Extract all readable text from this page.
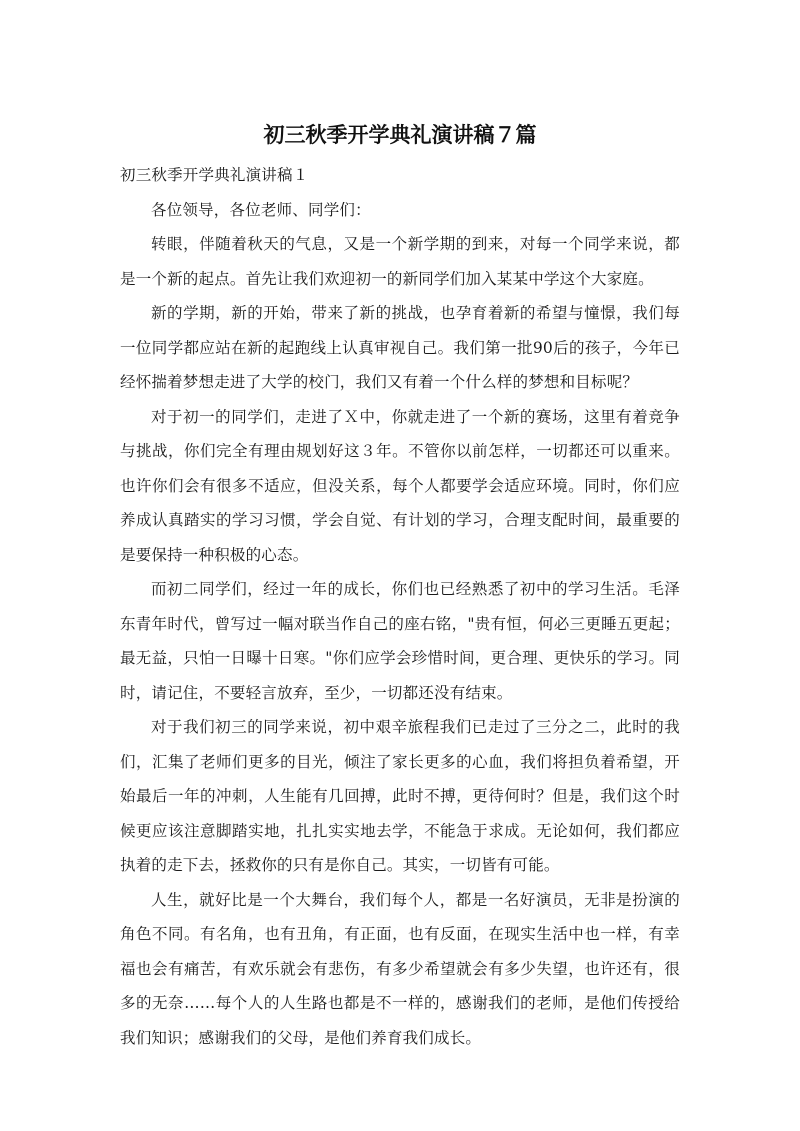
初三秋季开学典礼演讲稿７篇

初三秋季开学典礼演讲稿１

各位领导，各位老师、同学们：

转眼，伴随着秋天的气息，又是一个新学期的到来，对每一个同学来说，都是一个新的起点。首先让我们欢迎初一的新同学们加入某某中学这个大家庭。

新的学期，新的开始，带来了新的挑战，也孕育着新的希望与憧憬，我们每一位同学都应站在新的起跑线上认真审视自己。我们第一批90后的孩子，今年已经怀揣着梦想走进了大学的校门，我们又有着一个什么样的梦想和目标呢？

对于初一的同学们，走进了Ｘ中，你就走进了一个新的赛场，这里有着竞争与挑战，你们完全有理由规划好这３年。不管你以前怎样，一切都还可以重来。也许你们会有很多不适应，但没关系，每个人都要学会适应环境。同时，你们应养成认真踏实的学习习惯，学会自觉、有计划的学习，合理支配时间，最重要的是要保持一种积极的心态。

而初二同学们，经过一年的成长，你们也已经熟悉了初中的学习生活。毛泽东青年时代，曾写过一幅对联当作自己的座右铭，"贵有恒，何必三更睡五更起；最无益，只怕一日曝十日寒。"你们应学会珍惜时间，更合理、更快乐的学习。同时，请记住，不要轻言放弃，至少，一切都还没有结束。

对于我们初三的同学来说，初中艰辛旅程我们已走过了三分之二，此时的我们，汇集了老师们更多的目光，倾注了家长更多的心血，我们将担负着希望，开始最后一年的冲刺，人生能有几回搏，此时不搏，更待何时？但是，我们这个时候更应该注意脚踏实地，扎扎实实地去学，不能急于求成。无论如何，我们都应执着的走下去，拯救你的只有是你自己。其实，一切皆有可能。

人生，就好比是一个大舞台，我们每个人，都是一名好演员，无非是扮演的角色不同。有名角，也有丑角，有正面，也有反面，在现实生活中也一样，有幸福也会有痛苦，有欢乐就会有悲伤，有多少希望就会有多少失望，也许还有，很多的无奈……每个人的人生路也都是不一样的，感谢我们的老师，是他们传授给我们知识；感谢我们的父母，是他们养育我们成长。
